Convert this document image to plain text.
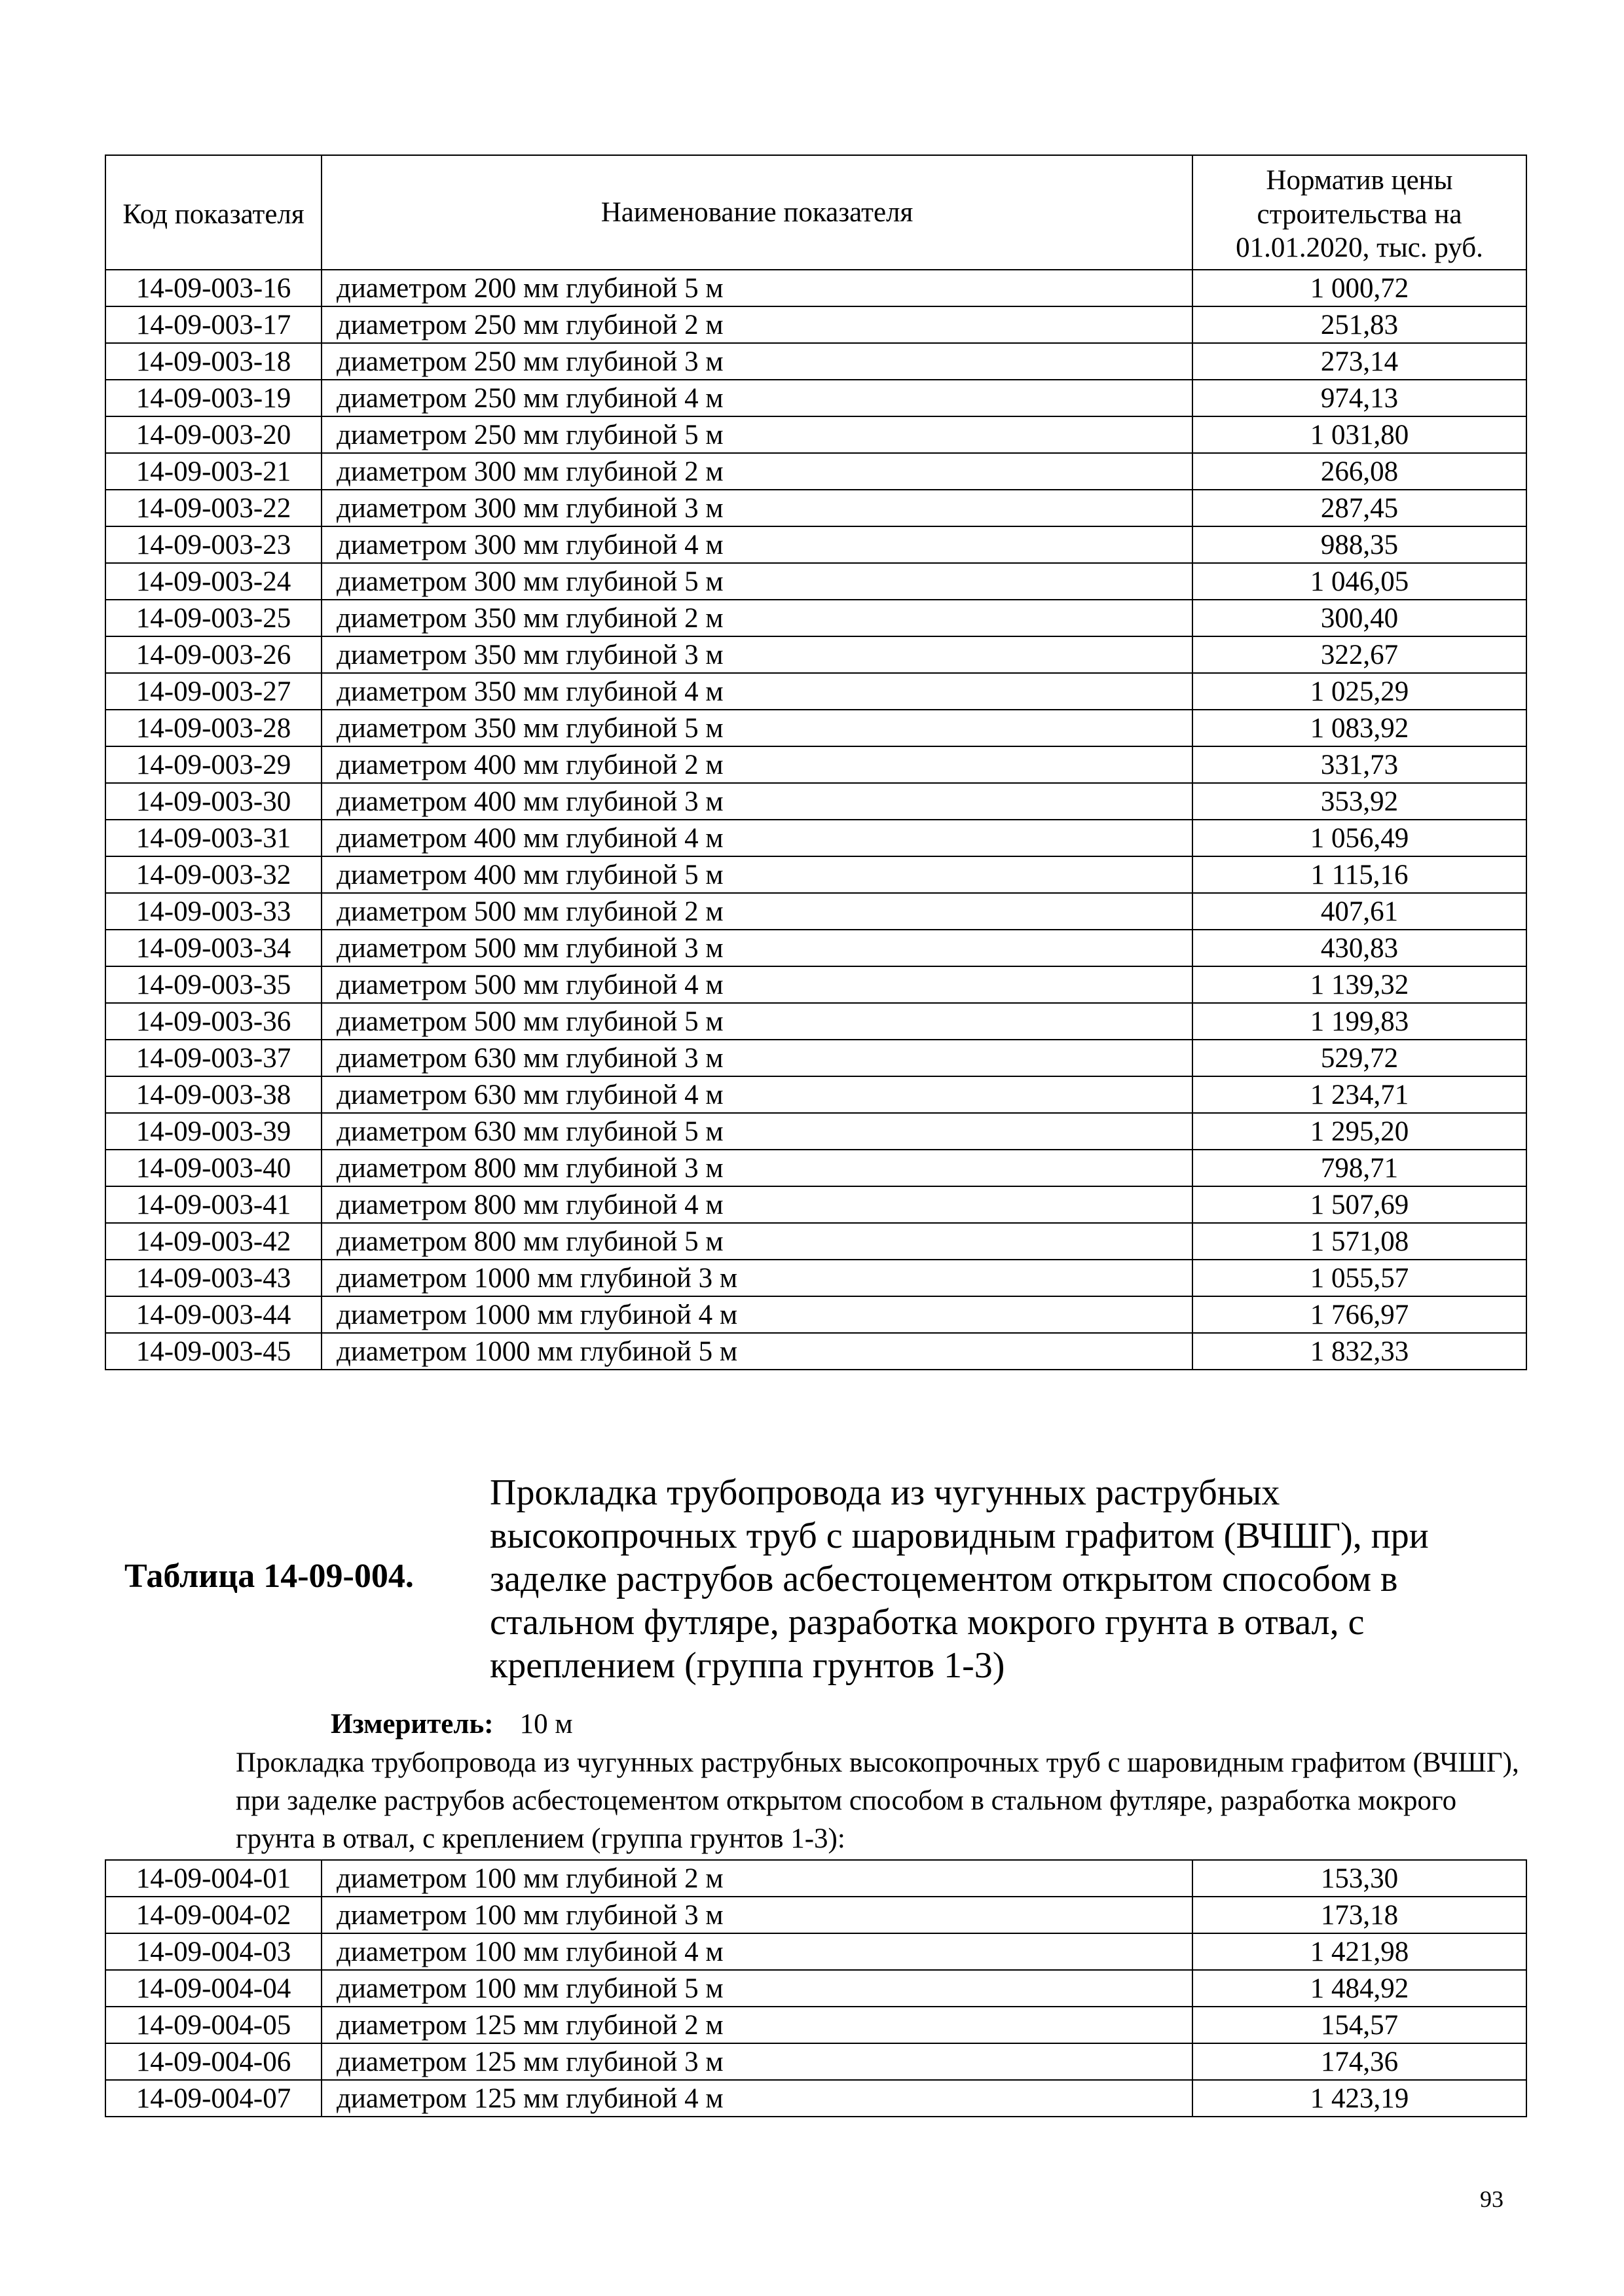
Код показателя	Наименование показателя	Норматив цены строительства на 01.01.2020, тыс. руб.
14-09-003-16	диаметром 200 мм глубиной 5 м	1 000,72
14-09-003-17	диаметром 250 мм глубиной 2 м	251,83
14-09-003-18	диаметром 250 мм глубиной 3 м	273,14
14-09-003-19	диаметром 250 мм глубиной 4 м	974,13
14-09-003-20	диаметром 250 мм глубиной 5 м	1 031,80
14-09-003-21	диаметром 300 мм глубиной 2 м	266,08
14-09-003-22	диаметром 300 мм глубиной 3 м	287,45
14-09-003-23	диаметром 300 мм глубиной 4 м	988,35
14-09-003-24	диаметром 300 мм глубиной 5 м	1 046,05
14-09-003-25	диаметром 350 мм глубиной 2 м	300,40
14-09-003-26	диаметром 350 мм глубиной 3 м	322,67
14-09-003-27	диаметром 350 мм глубиной 4 м	1 025,29
14-09-003-28	диаметром 350 мм глубиной 5 м	1 083,92
14-09-003-29	диаметром 400 мм глубиной 2 м	331,73
14-09-003-30	диаметром 400 мм глубиной 3 м	353,92
14-09-003-31	диаметром 400 мм глубиной 4 м	1 056,49
14-09-003-32	диаметром 400 мм глубиной 5 м	1 115,16
14-09-003-33	диаметром 500 мм глубиной 2 м	407,61
14-09-003-34	диаметром 500 мм глубиной 3 м	430,83
14-09-003-35	диаметром 500 мм глубиной 4 м	1 139,32
14-09-003-36	диаметром 500 мм глубиной 5 м	1 199,83
14-09-003-37	диаметром 630 мм глубиной 3 м	529,72
14-09-003-38	диаметром 630 мм глубиной 4 м	1 234,71
14-09-003-39	диаметром 630 мм глубиной 5 м	1 295,20
14-09-003-40	диаметром 800 мм глубиной 3 м	798,71
14-09-003-41	диаметром 800 мм глубиной 4 м	1 507,69
14-09-003-42	диаметром 800 мм глубиной 5 м	1 571,08
14-09-003-43	диаметром 1000 мм глубиной 3 м	1 055,57
14-09-003-44	диаметром 1000 мм глубиной 4 м	1 766,97
14-09-003-45	диаметром 1000 мм глубиной 5 м	1 832,33
Таблица 14-09-004.
Прокладка трубопровода из чугунных раструбных высокопрочных труб с шаровидным графитом (ВЧШГ), при заделке раструбов асбестоцементом открытом способом в стальном футляре, разработка мокрого грунта в отвал, с креплением (группа грунтов 1-3)
Измеритель: 10 м
Прокладка трубопровода из чугунных раструбных высокопрочных труб с шаровидным графитом (ВЧШГ), при заделке раструбов асбестоцементом открытом способом в стальном футляре, разработка мокрого грунта в отвал, с креплением (группа грунтов 1-3):
14-09-004-01	диаметром 100 мм глубиной 2 м	153,30
14-09-004-02	диаметром 100 мм глубиной 3 м	173,18
14-09-004-03	диаметром 100 мм глубиной 4 м	1 421,98
14-09-004-04	диаметром 100 мм глубиной 5 м	1 484,92
14-09-004-05	диаметром 125 мм глубиной 2 м	154,57
14-09-004-06	диаметром 125 мм глубиной 3 м	174,36
14-09-004-07	диаметром 125 мм глубиной 4 м	1 423,19
93
